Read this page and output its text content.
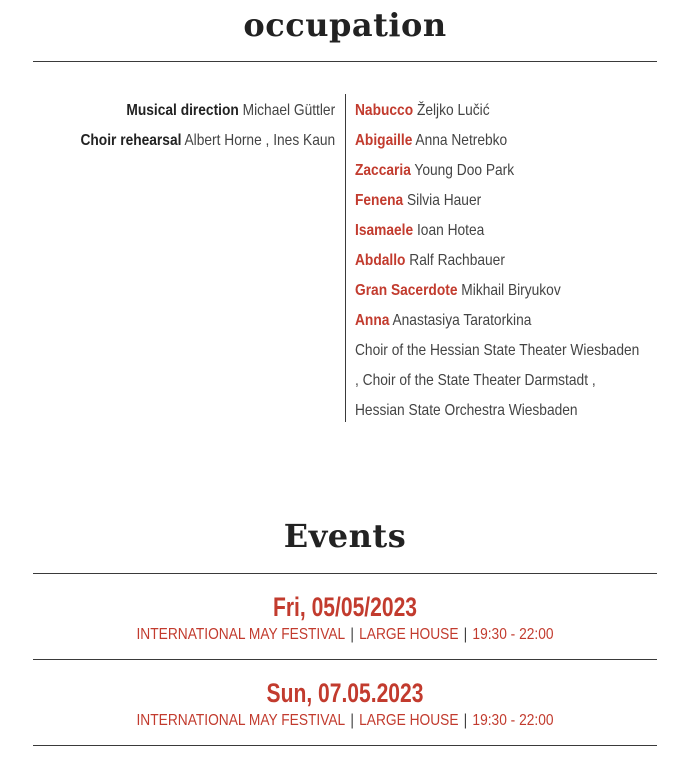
occupation
Musical direction Michael Güttler
Choir rehearsal Albert Horne , Ines Kaun
Nabucco Željko Lučić
Abigaille Anna Netrebko
Zaccaria Young Doo Park
Fenena Silvia Hauer
Isamaele Ioan Hotea
Abdallo Ralf Rachbauer
Gran Sacerdote Mikhail Biryukov
Anna Anastasiya Taratorkina
Choir of the Hessian State Theater Wiesbaden
, Choir of the State Theater Darmstadt ,
Hessian State Orchestra Wiesbaden
Events
Fri, 05/05/2023
INTERNATIONAL MAY FESTIVAL | LARGE HOUSE | 19:30 - 22:00
Sun, 07.05.2023
INTERNATIONAL MAY FESTIVAL | LARGE HOUSE | 19:30 - 22:00
